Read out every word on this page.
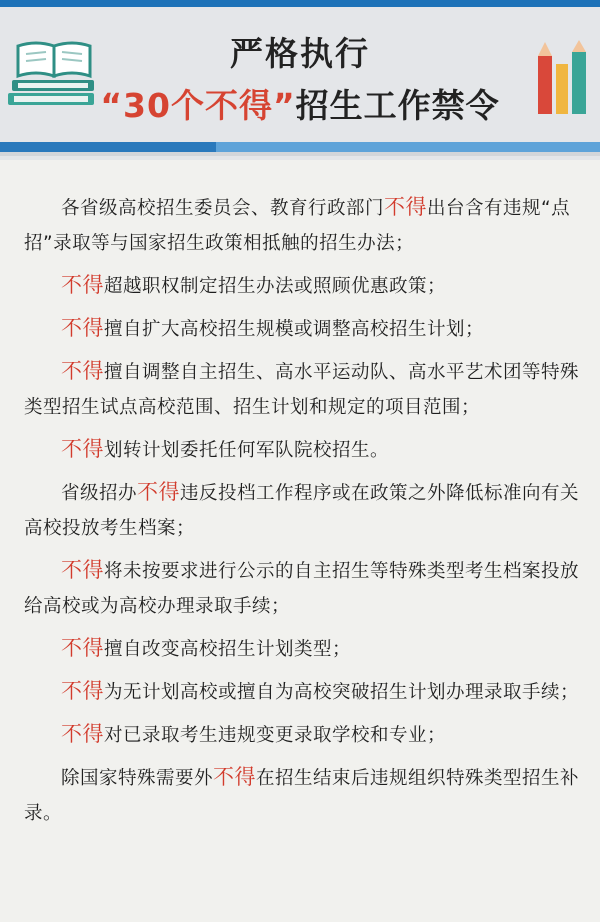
严格执行
“30个不得”招生工作禁令

各省级高校招生委员会、教育行政部门不得出台含有违规“点招”录取等与国家招生政策相抵触的招生办法；

不得超越职权制定招生办法或照顾优惠政策；

不得擅自扩大高校招生规模或调整高校招生计划；

不得擅自调整自主招生、高水平运动队、高水平艺术团等特殊类型招生试点高校范围、招生计划和规定的项目范围；

不得划转计划委托任何军队院校招生。

省级招办不得违反投档工作程序或在政策之外降低标准向有关高校投放考生档案；

不得将未按要求进行公示的自主招生等特殊类型考生档案投放给高校或为高校办理录取手续；

不得擅自改变高校招生计划类型；

不得为无计划高校或擅自为高校突破招生计划办理录取手续；

不得对已录取考生违规变更录取学校和专业；

除国家特殊需要外不得在招生结束后违规组织特殊类型招生补录。
